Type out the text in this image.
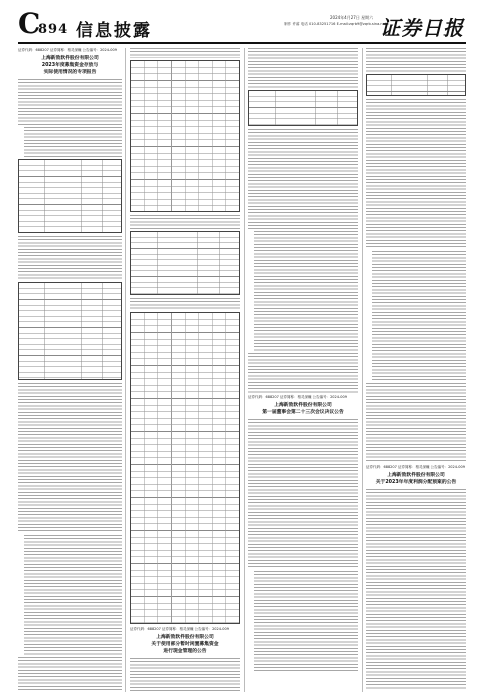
C
894 信息披露
2024年4月27日 星期六
制作 许睿 电话 010-83251716 E-mail:zqrb9@zqrb.sina.net
证券日报
证券代码：688207 证券简称：格灵深瞳 公告编号：2024-009
上海新致软件股份有限公司
2023年度募集资金存放与
实际使用情况的专项报告
证券代码：688207 证券简称：格灵深瞳 公告编号：2024-009
上海新致软件股份有限公司
关于使用部分暂时闲置募集资金
进行现金管理的公告
证券代码：688207 证券简称：格灵深瞳 公告编号：2024-009
上海新致软件股份有限公司
第一届董事会第二十三次会议决议公告
证券代码：688207 证券简称：格灵深瞳 公告编号：2024-009
上海新致软件股份有限公司
关于2023年年度利润分配预案的公告
